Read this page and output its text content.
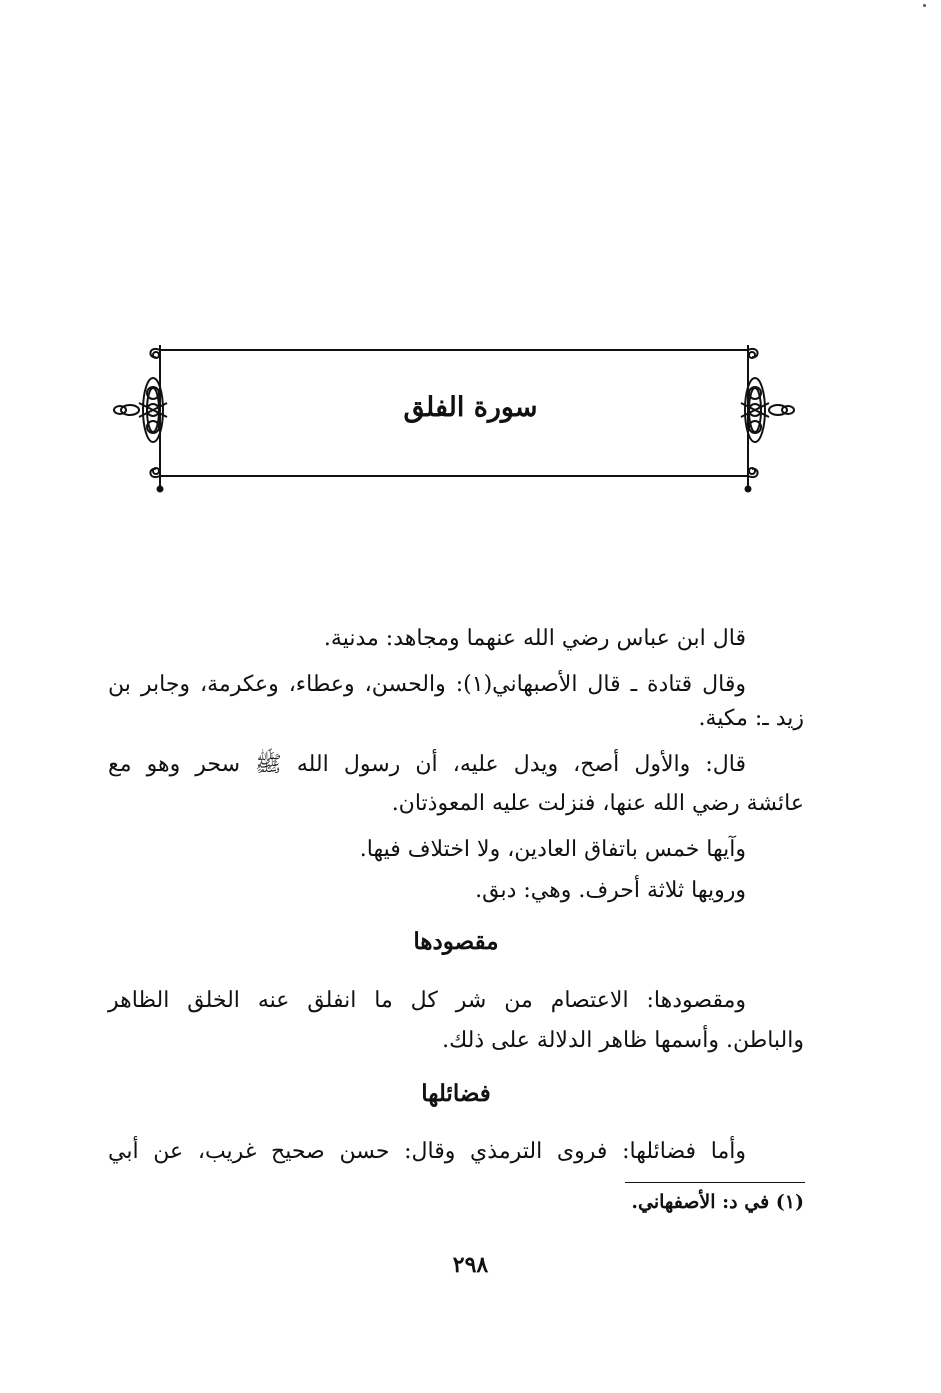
سورة الفلق
قال ابن عباس رضي الله عنهما ومجاهد: مدنية.
وقال قتادة ـ قال الأصبهاني(١): والحسن، وعطاء، وعكرمة، وجابر بن
زيد ـ: مكية.
قال: والأول أصح، ويدل عليه، أن رسول الله ﷺ سحر وهو مع
عائشة رضي الله عنها، فنزلت عليه المعوذتان.
وآيها خمس باتفاق العادين، ولا اختلاف فيها.
ورويها ثلاثة أحرف. وهي: دبق.
مقصودها
ومقصودها: الاعتصام من شر كل ما انفلق عنه الخلق الظاهر
والباطن. وأسمها ظاهر الدلالة على ذلك.
فضائلها
وأما فضائلها: فروى الترمذي وقال: حسن صحيح غريب، عن أبي
(١) في د: الأصفهاني.
٢٩٨
